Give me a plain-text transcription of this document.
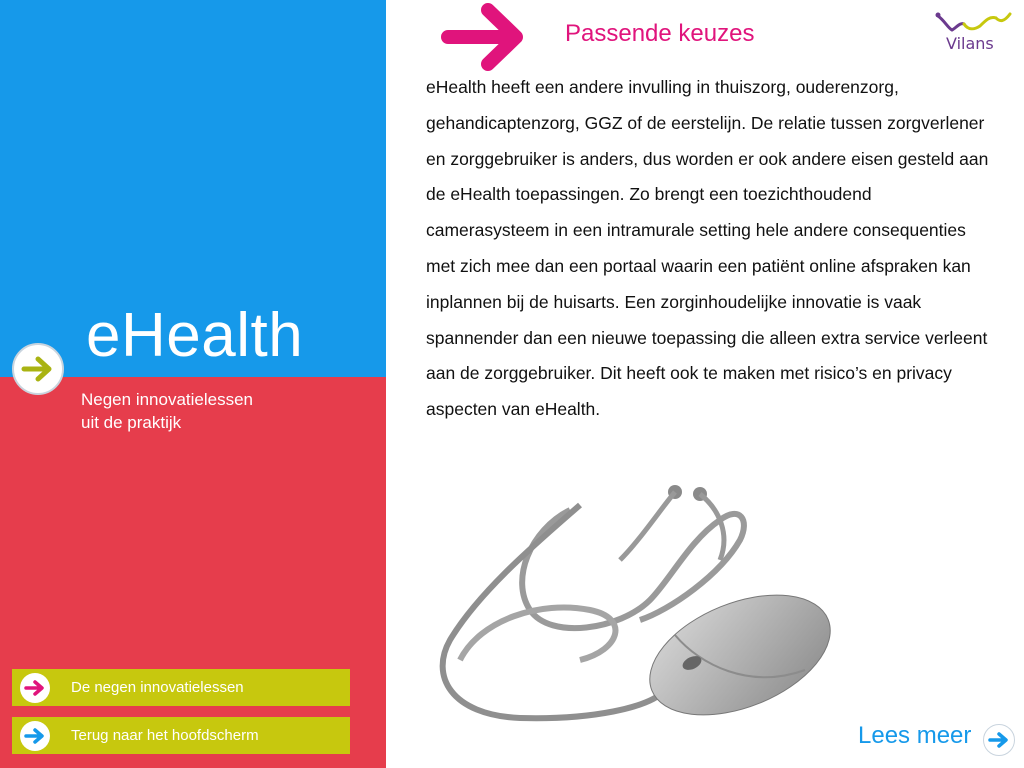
eHealth
Negen innovatielessen
uit de praktijk
De negen innovatielessen
Terug naar het hoofdscherm
Passende keuzes	Vilans
eHealth heeft een andere invulling in thuiszorg, ouderenzorg, gehandicaptenzorg, GGZ of de eerstelijn. De relatie tussen zorgverlener en zorggebruiker is anders, dus worden er ook andere eisen gesteld aan de eHealth toepassingen. Zo brengt een toezichthoudend camerasysteem in een intramurale setting hele andere consequenties met zich mee dan een portaal waarin een patiënt online afspraken kan inplannen bij de huisarts. Een zorginhoudelijke innovatie is vaak spannender dan een nieuwe toepassing die alleen extra service verleent aan de zorggebruiker. Dit heeft ook te maken met risico’s en privacy aspecten van eHealth.
Lees meer
